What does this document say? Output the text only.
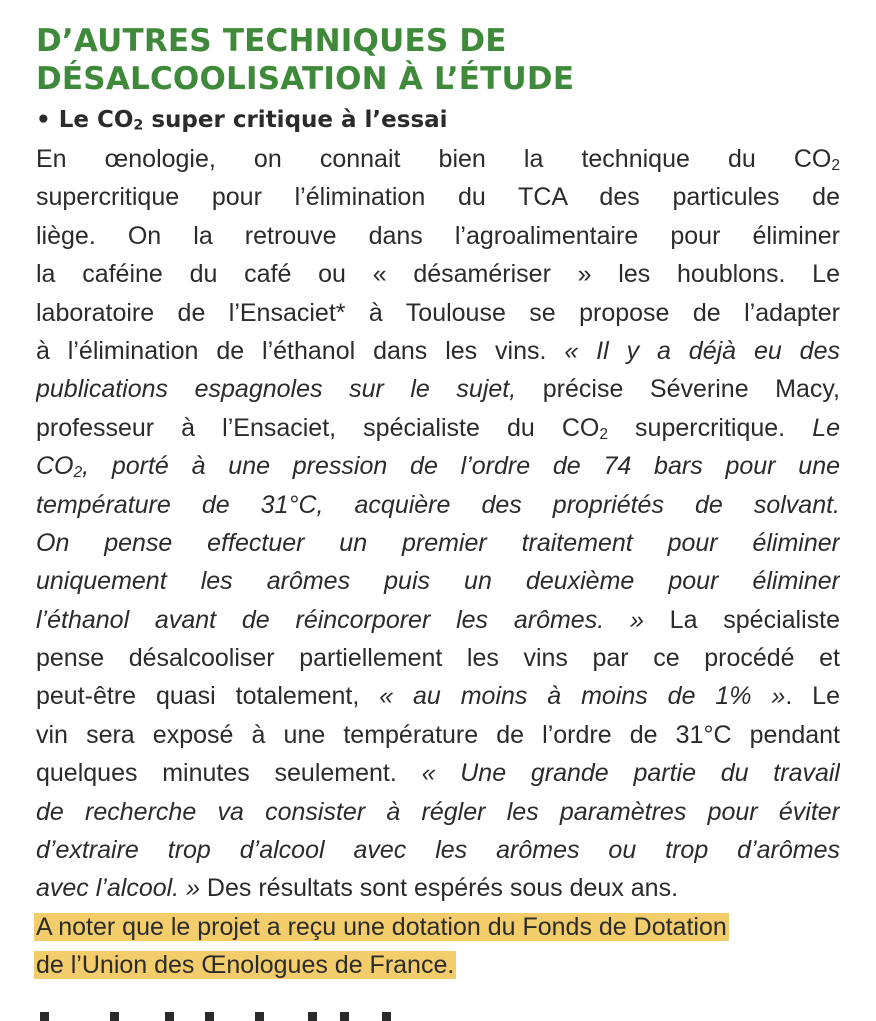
D’AUTRES TECHNIQUES DE
DÉSALCOOLISATION À L’ÉTUDE
• Le $CO_2$ super critique à l’essai
En œnologie, on connait bien la technique du $CO_2$
supercritique pour l’élimination du TCA des particules de
liège. On la retrouve dans l’agroalimentaire pour éliminer
la caféine du café ou « désamériser » les houblons. Le
laboratoire de l’Ensaciet* à Toulouse se propose de l’adapter
à l’élimination de l’éthanol dans les vins. « Il y a déjà eu des
publications espagnoles sur le sujet, précise Séverine Macy,
professeur à l’Ensaciet, spécialiste du $CO_2$ supercritique. Le
$CO_2$, porté à une pression de l’ordre de 74 bars pour une
température de 31°C, acquière des propriétés de solvant.
On pense effectuer un premier traitement pour éliminer
uniquement les arômes puis un deuxième pour éliminer
l’éthanol avant de réincorporer les arômes. » La spécialiste
pense désalcooliser partiellement les vins par ce procédé et
peut-être quasi totalement, « au moins à moins de 1% ». Le
vin sera exposé à une température de l’ordre de 31°C pendant
quelques minutes seulement. « Une grande partie du travail
de recherche va consister à régler les paramètres pour éviter
d’extraire trop d’alcool avec les arômes ou trop d’arômes
avec l’alcool. » Des résultats sont espérés sous deux ans.
A noter que le projet a reçu une dotation du Fonds de Dotation
de l’Union des Œnologues de France.
